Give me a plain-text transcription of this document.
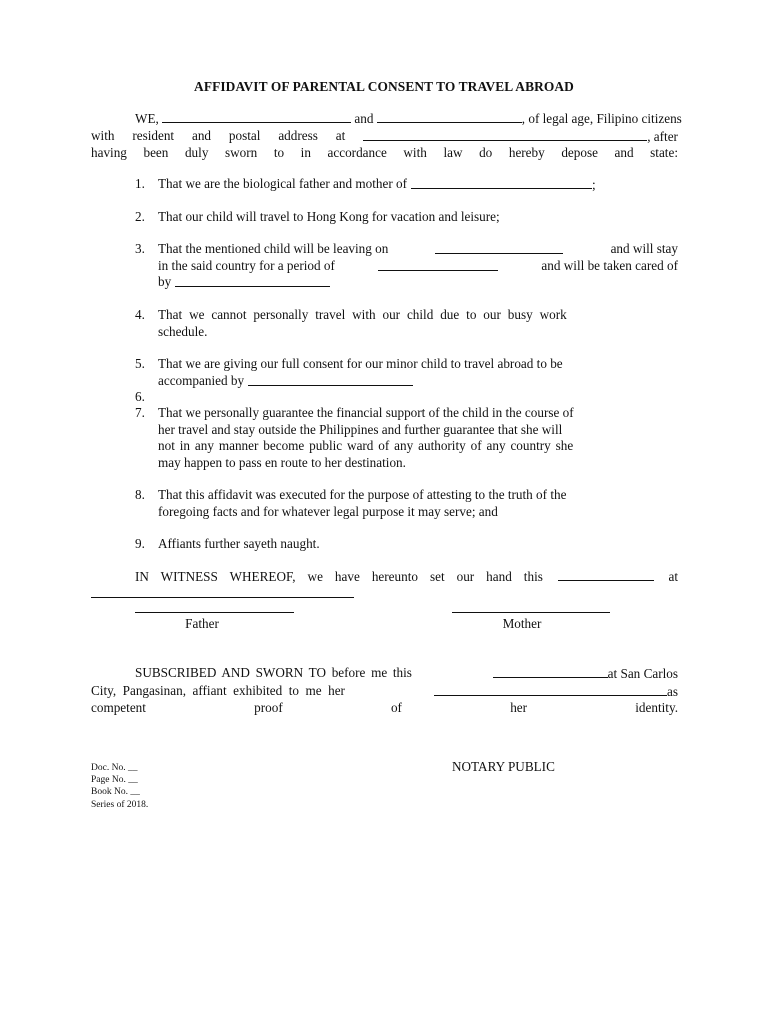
AFFIDAVIT OF PARENTAL CONSENT TO TRAVEL ABROAD
WE,	and	, of legal age, Filipino citizens
with resident and postal address at	, after
having been duly sworn to in accordance with law do hereby depose and state:
1. That we are the biological father and mother of	;
2. That our child will travel to Hong Kong for vacation and leisure;
3. That the mentioned child will be leaving on	and will stay
in the said country for a period of	and will be taken cared of
by
4. That we cannot personally travel with our child due to our busy work
schedule.
5. That we are giving our full consent for our minor child to travel abroad to be
accompanied by
6.
7. That we personally guarantee the financial support of the child in the course of
her travel and stay outside the Philippines and further guarantee that she will
not in any manner become public ward of any authority of any country she
may happen to pass en route to her destination.
8. That this affidavit was executed for the purpose of attesting to the truth of the
foregoing facts and for whatever legal purpose it may serve; and
9. Affiants further sayeth naught.
IN WITNESS WHEREOF, we have hereunto set our hand this	at
Father	Mother
SUBSCRIBED AND SWORN TO before me this	at San Carlos
City, Pangasinan, affiant exhibited to me her	as
competent proof of her identity.
NOTARY PUBLIC
Doc. No. __
Page No. __
Book No. __
Series of 2018.
